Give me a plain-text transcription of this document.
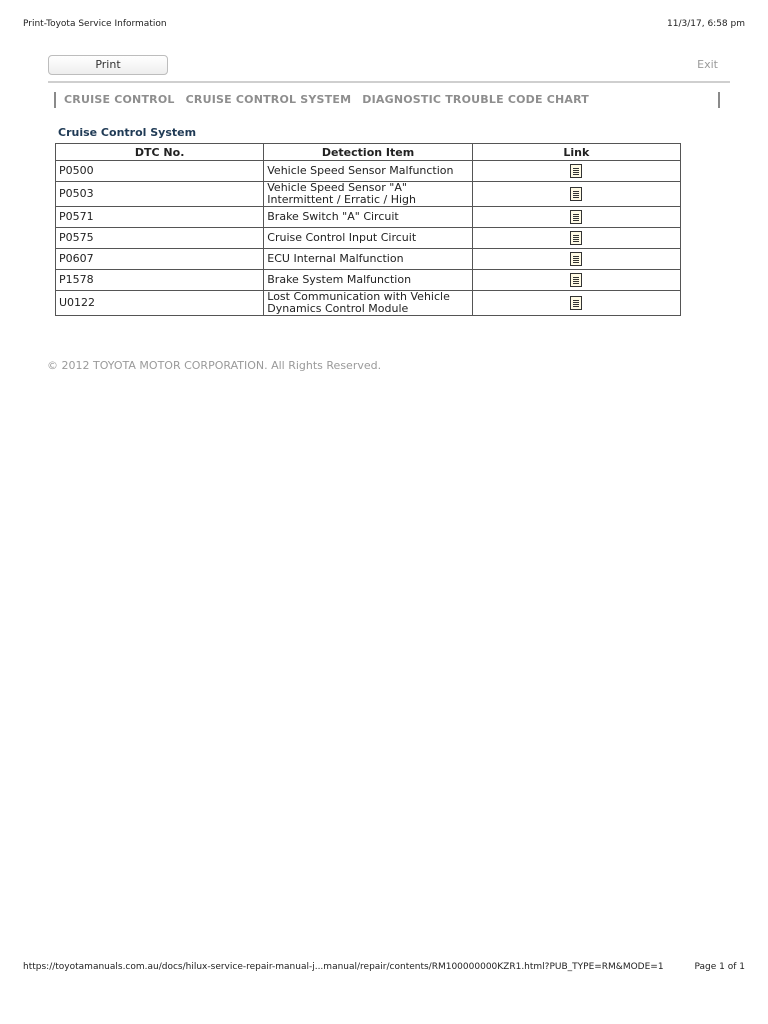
Print-Toyota Service Information	11/3/17, 6:58 pm
Print	Exit
CRUISE CONTROL CRUISE CONTROL SYSTEM DIAGNOSTIC TROUBLE CODE CHART
Cruise Control System
DTC No.	Detection Item	Link
P0500	Vehicle Speed Sensor Malfunction	
P0503	Vehicle Speed Sensor "A" Intermittent / Erratic / High	
P0571	Brake Switch "A" Circuit	
P0575	Cruise Control Input Circuit	
P0607	ECU Internal Malfunction	
P1578	Brake System Malfunction	
U0122	Lost Communication with Vehicle Dynamics Control Module	
© 2012 TOYOTA MOTOR CORPORATION. All Rights Reserved.
https://toyotamanuals.com.au/docs/hilux-service-repair-manual-j...manual/repair/contents/RM100000000KZR1.html?PUB_TYPE=RM&MODE=1	Page 1 of 1
